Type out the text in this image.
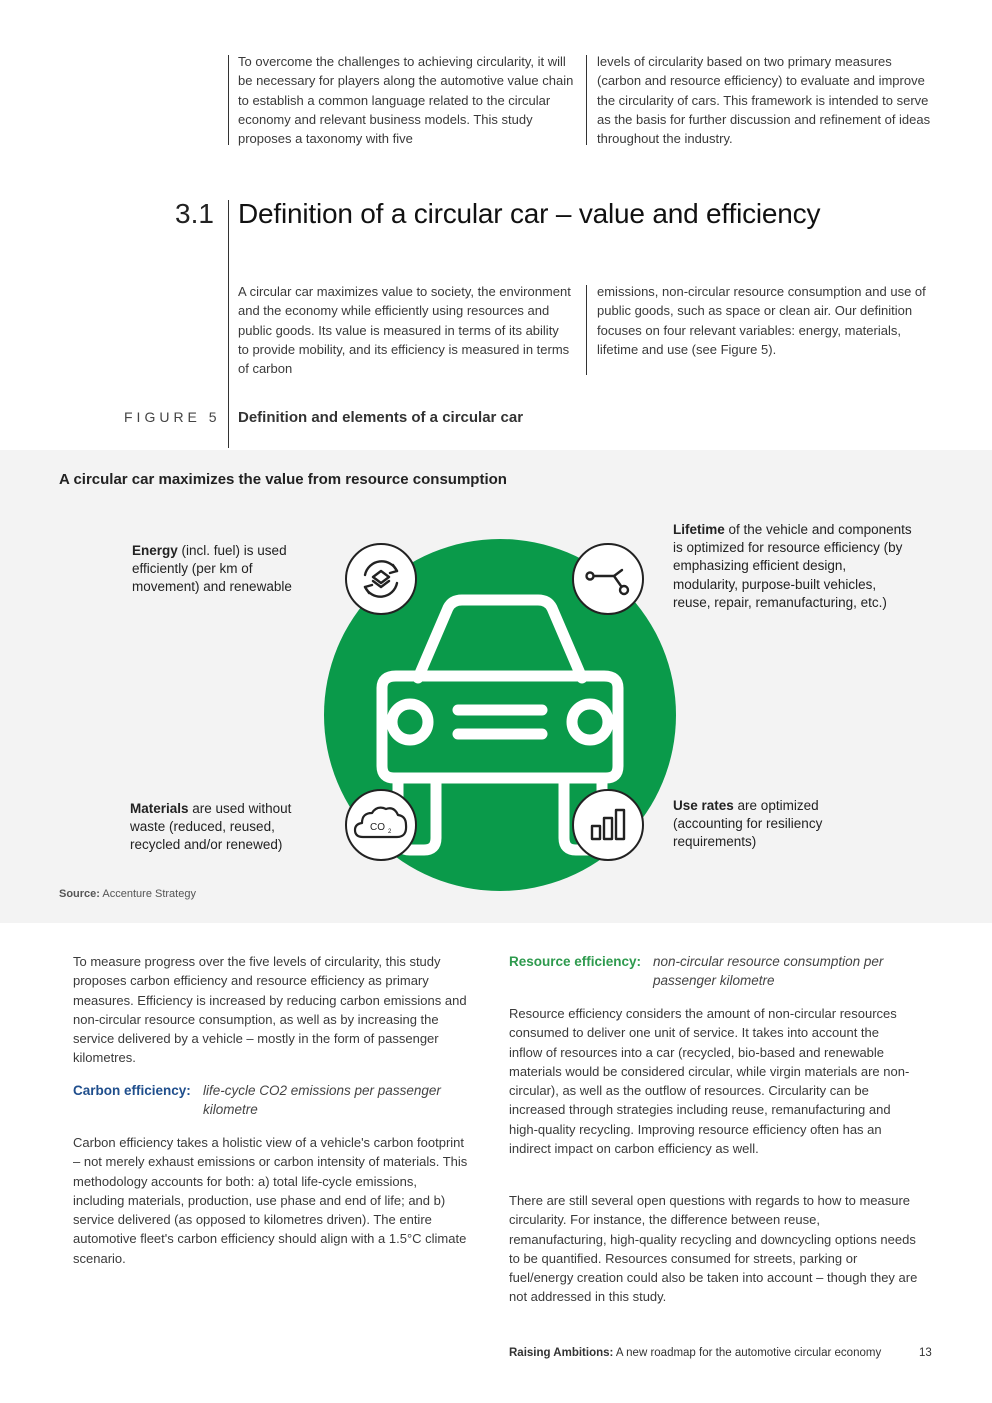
To overcome the challenges to achieving circularity, it will be necessary for players along the automotive value chain to establish a common language related to the circular economy and relevant business models. This study proposes a taxonomy with five
levels of circularity based on two primary measures (carbon and resource efficiency) to evaluate and improve the circularity of cars. This framework is intended to serve as the basis for further discussion and refinement of ideas throughout the industry.
3.1 Definition of a circular car – value and efficiency
A circular car maximizes value to society, the environment and the economy while efficiently using resources and public goods. Its value is measured in terms of its ability to provide mobility, and its efficiency is measured in terms of carbon
emissions, non-circular resource consumption and use of public goods, such as space or clean air. Our definition focuses on four relevant variables: energy, materials, lifetime and use (see Figure 5).
FIGURE 5 Definition and elements of a circular car
A circular car maximizes the value from resource consumption
CO 2
Energy (incl. fuel) is used efficiently (per km of movement) and renewable
Lifetime of the vehicle and components is optimized for resource efficiency (by emphasizing efficient design, modularity, purpose-built vehicles, reuse, repair, remanufacturing, etc.)
Materials are used without waste (reduced, reused, recycled and/or renewed)
Use rates are optimized (accounting for resiliency requirements)
Source: Accenture Strategy
To measure progress over the five levels of circularity, this study proposes carbon efficiency and resource efficiency as primary measures. Efficiency is increased by reducing carbon emissions and non-circular resource consumption, as well as by increasing the service delivered by a vehicle – mostly in the form of passenger kilometres.
Carbon efficiency: life-cycle CO2 emissions per passenger kilometre
Carbon efficiency takes a holistic view of a vehicle's carbon footprint – not merely exhaust emissions or carbon intensity of materials. This methodology accounts for both: a) total life-cycle emissions, including materials, production, use phase and end of life; and b) service delivered (as opposed to kilometres driven). The entire automotive fleet's carbon efficiency should align with a 1.5°C climate scenario.
Resource efficiency: non-circular resource consumption per passenger kilometre
Resource efficiency considers the amount of non-circular resources consumed to deliver one unit of service. It takes into account the inflow of resources into a car (recycled, bio-based and renewable materials would be considered circular, while virgin materials are non-circular), as well as the outflow of resources. Circularity can be increased through strategies including reuse, remanufacturing and high-quality recycling. Improving resource efficiency often has an indirect impact on carbon efficiency as well.
There are still several open questions with regards to how to measure circularity. For instance, the difference between reuse, remanufacturing, high-quality recycling and downcycling options needs to be quantified. Resources consumed for streets, parking or fuel/energy creation could also be taken into account – though they are not addressed in this study.
Raising Ambitions: A new roadmap for the automotive circular economy	13
